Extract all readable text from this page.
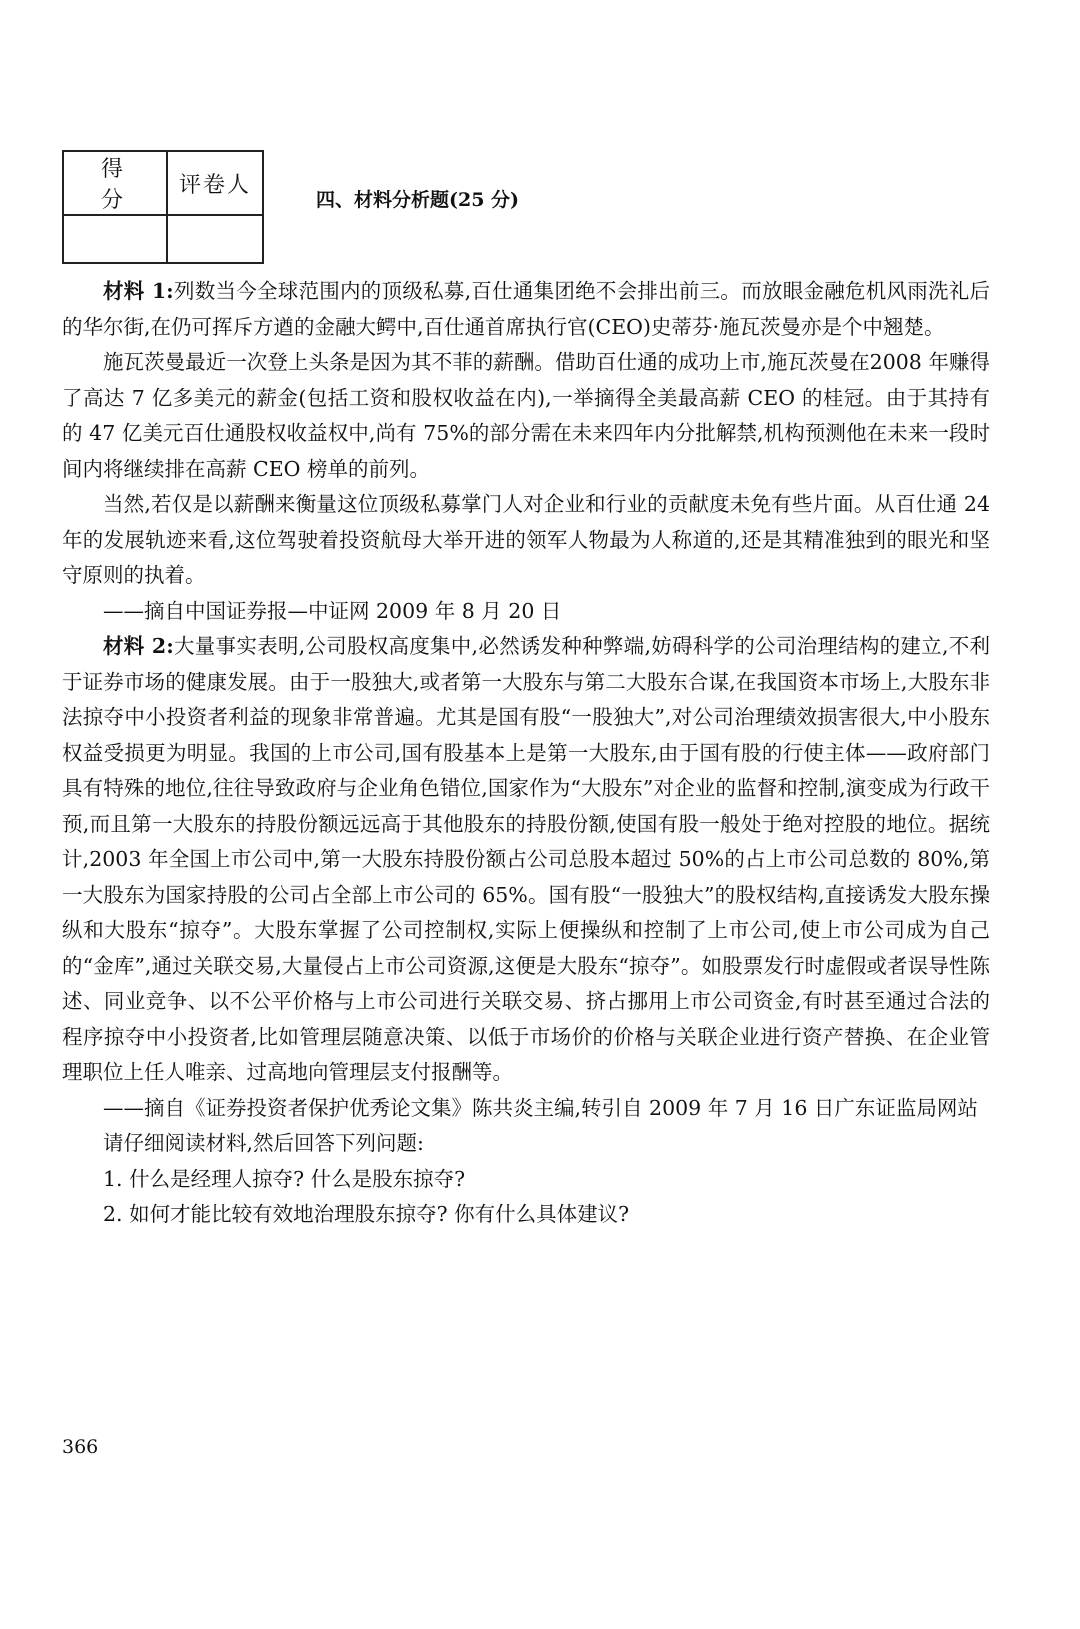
得 分	评卷人

四、材料分析题(25 分)

材料 1:列数当今全球范围内的顶级私募,百仕通集团绝不会排出前三。而放眼金融危机风雨洗礼后的华尔街,在仍可挥斥方遒的金融大鳄中,百仕通首席执行官(CEO)史蒂芬·施瓦茨曼亦是个中翘楚。

施瓦茨曼最近一次登上头条是因为其不菲的薪酬。借助百仕通的成功上市,施瓦茨曼在2008 年赚得了高达 7 亿多美元的薪金(包括工资和股权收益在内),一举摘得全美最高薪 CEO 的桂冠。由于其持有的 47 亿美元百仕通股权收益权中,尚有 75%的部分需在未来四年内分批解禁,机构预测他在未来一段时间内将继续排在高薪 CEO 榜单的前列。

当然,若仅是以薪酬来衡量这位顶级私募掌门人对企业和行业的贡献度未免有些片面。从百仕通 24 年的发展轨迹来看,这位驾驶着投资航母大举开进的领军人物最为人称道的,还是其精准独到的眼光和坚守原则的执着。

——摘自中国证券报—中证网 2009 年 8 月 20 日

材料 2:大量事实表明,公司股权高度集中,必然诱发种种弊端,妨碍科学的公司治理结构的建立,不利于证券市场的健康发展。由于一股独大,或者第一大股东与第二大股东合谋,在我国资本市场上,大股东非法掠夺中小投资者利益的现象非常普遍。尤其是国有股“一股独大”,对公司治理绩效损害很大,中小股东权益受损更为明显。我国的上市公司,国有股基本上是第一大股东,由于国有股的行使主体——政府部门具有特殊的地位,往往导致政府与企业角色错位,国家作为“大股东”对企业的监督和控制,演变成为行政干预,而且第一大股东的持股份额远远高于其他股东的持股份额,使国有股一般处于绝对控股的地位。据统计,2003 年全国上市公司中,第一大股东持股份额占公司总股本超过 50%的占上市公司总数的 80%,第一大股东为国家持股的公司占全部上市公司的 65%。国有股“一股独大”的股权结构,直接诱发大股东操纵和大股东“掠夺”。大股东掌握了公司控制权,实际上便操纵和控制了上市公司,使上市公司成为自己的“金库”,通过关联交易,大量侵占上市公司资源,这便是大股东“掠夺”。如股票发行时虚假或者误导性陈述、同业竞争、以不公平价格与上市公司进行关联交易、挤占挪用上市公司资金,有时甚至通过合法的程序掠夺中小投资者,比如管理层随意决策、以低于市场价的价格与关联企业进行资产替换、在企业管理职位上任人唯亲、过高地向管理层支付报酬等。

——摘自《证券投资者保护优秀论文集》陈共炎主编,转引自 2009 年 7 月 16 日广东证监局网站

请仔细阅读材料,然后回答下列问题:

1. 什么是经理人掠夺? 什么是股东掠夺?

2. 如何才能比较有效地治理股东掠夺? 你有什么具体建议?

366
